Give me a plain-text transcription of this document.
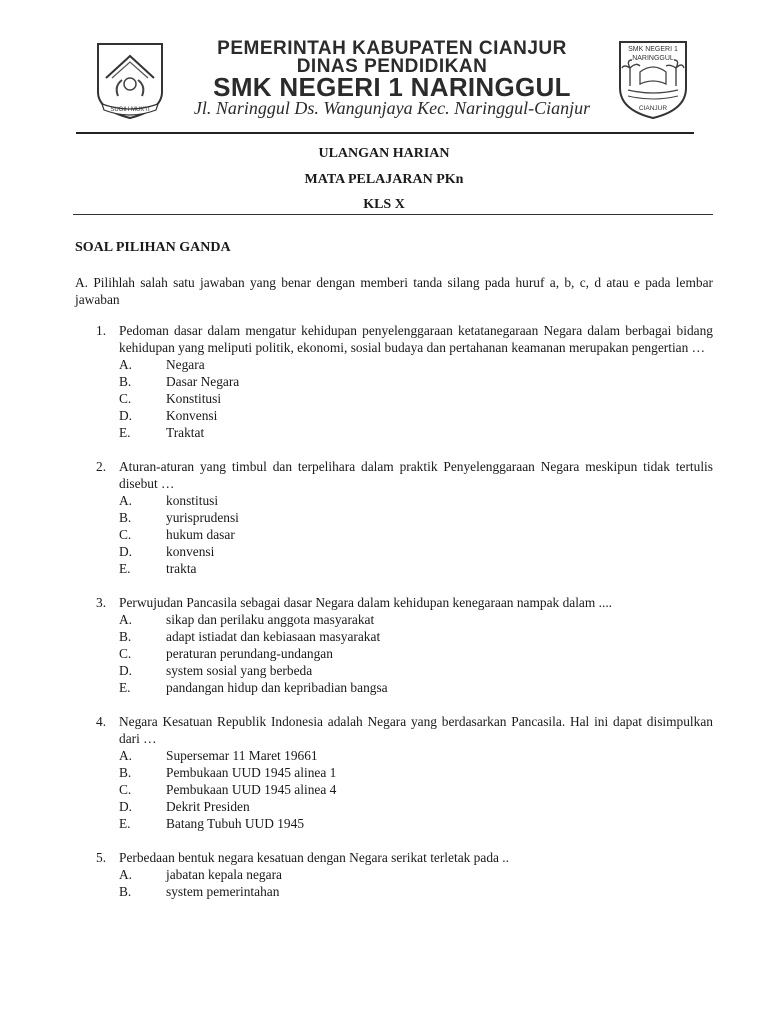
SUGIH MUKTI
PEMERINTAH KABUPATEN CIANJUR
DINAS PENDIDIKAN
SMK NEGERI 1 NARINGGUL
Jl. Naringgul Ds. Wangunjaya Kec. Naringgul-Cianjur
SMK NEGERI 1
NARINGGUL
CIANJUR
ULANGAN HARIAN
MATA PELAJARAN PKn
KLS X
SOAL PILIHAN GANDA
A. Pilihlah salah satu jawaban yang benar dengan memberi tanda silang pada huruf a, b, c, d atau e pada lembar jawaban
1. Pedoman dasar dalam mengatur kehidupan penyelenggaraan ketatanegaraan Negara dalam berbagai bidang kehidupan yang meliputi politik, ekonomi, sosial budaya dan pertahanan keamanan merupakan pengertian …
A.	Negara
B.	Dasar Negara
C.	Konstitusi
D.	Konvensi
E.	Traktat
2. Aturan-aturan yang timbul dan terpelihara dalam praktik Penyelenggaraan Negara meskipun tidak tertulis disebut …
A.	konstitusi
B.	yurisprudensi
C.	hukum dasar
D.	konvensi
E.	trakta
3. Perwujudan Pancasila sebagai dasar Negara dalam kehidupan kenegaraan nampak dalam ....
A.	sikap dan perilaku anggota masyarakat
B.	adapt istiadat dan kebiasaan masyarakat
C.	peraturan perundang-undangan
D.	system sosial yang berbeda
E.	pandangan hidup dan kepribadian bangsa
4. Negara Kesatuan Republik Indonesia adalah Negara yang berdasarkan Pancasila. Hal ini dapat disimpulkan dari …
A.	Supersemar 11 Maret 19661
B.	Pembukaan UUD 1945 alinea 1
C.	Pembukaan UUD 1945 alinea 4
D.	Dekrit Presiden
E.	Batang Tubuh UUD 1945
5. Perbedaan bentuk negara kesatuan dengan Negara serikat terletak pada ..
A.	jabatan kepala negara
B.	system pemerintahan
